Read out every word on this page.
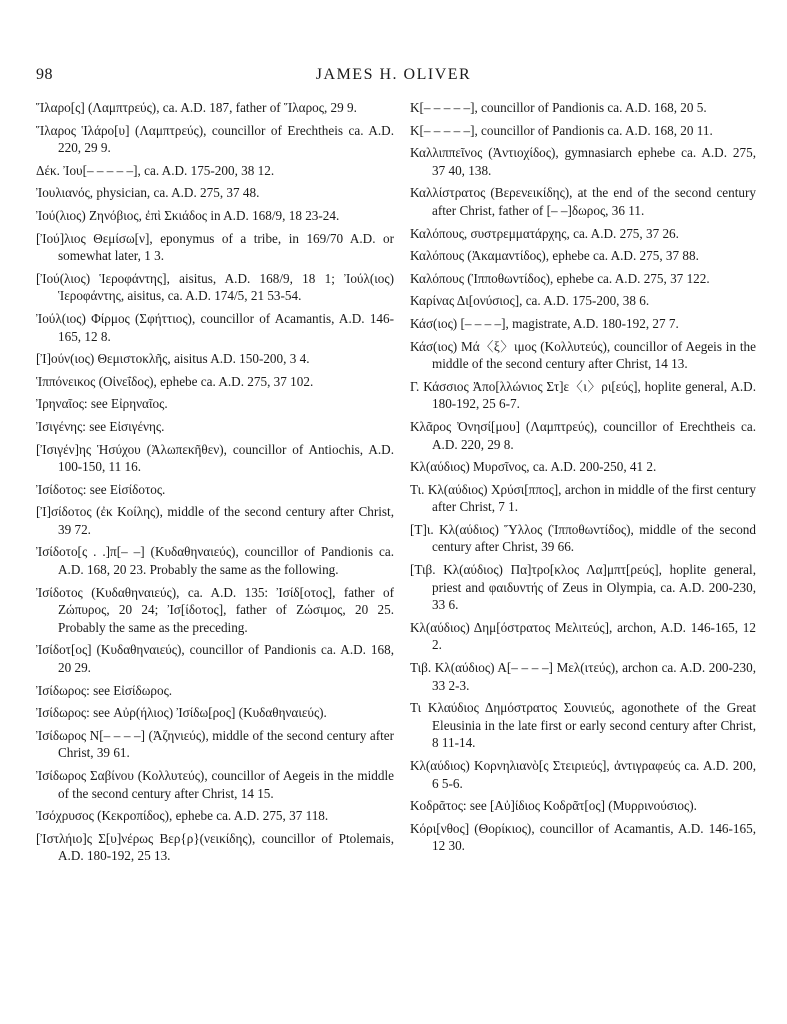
98	JAMES H. OLIVER

Ἵλαρο[ς] (Λαμπτρεύς), ca. A.D. 187, father of Ἵλαρος, 29 9.

Ἵλαρος Ἱλάρο[υ] (Λαμπτρεύς), councillor of Erechtheis ca. A.D. 220, 29 9.

Δέκ. Ἰου[– – – – –], ca. A.D. 175-200, 38 12.

Ἰουλιανός, physician, ca. A.D. 275, 37 48.

Ἰού(λιος) Ζηνόβιος, ἐπὶ Σκιάδος in A.D. 168/9, 18 23-24.

[Ἰού]λιος Θεμίσω[ν], eponymus of a tribe, in 169/70 A.D. or somewhat later, 1 3.

[Ἰού(λιος) Ἱεροφάντης], aisitus, A.D. 168/9, 18 1; Ἰούλ(ιος) Ἱεροφάντης, aisitus, ca. A.D. 174/5, 21 53-54.

Ἰούλ(ιος) Φίρμος (Σφήττιος), councillor of Acamantis, A.D. 146-165, 12 8.

[Ἰ]ούν(ιος) Θεμιστοκλῆς, aisitus A.D. 150-200, 3 4.

Ἱππόνεικος (Οἰνεΐδος), ephebe ca. A.D. 275, 37 102.

Ἰρηναῖος: see Εἰρηναῖος.

Ἰσιγένης: see Εἰσιγένης.

[Ἰσιγέν]ης Ἡσύχου (Ἀλωπεκῆθεν), councillor of Antiochis, A.D. 100-150, 11 16.

Ἰσίδοτος: see Εἰσίδοτος.

[Ἰ]σίδοτος (ἐκ Κοίλης), middle of the second century after Christ, 39 72.

Ἰσίδοτο[ς . .]π[– –] (Κυδαθηναιεύς), councillor of Pandionis ca. A.D. 168, 20 23. Probably the same as the following.

Ἰσίδοτος (Κυδαθηναιεύς), ca. A.D. 135: Ἰσίδ[οτος], father of Ζώπυρος, 20 24; Ἰσ[ίδοτος], father of Ζώσιμος, 20 25. Probably the same as the preceding.

Ἰσίδοτ[ος] (Κυδαθηναιεύς), councillor of Pandionis ca. A.D. 168, 20 29.

Ἰσίδωρος: see Εἰσίδωρος.

Ἰσίδωρος: see Αὐρ(ήλιος) Ἰσίδω[ρος] (Κυδαθηναιεύς).

Ἰσίδωρος Ν[– – – –] (Ἀζηνιεύς), middle of the second century after Christ, 39 61.

Ἰσίδωρος Σαβίνου (Κολλυτεύς), councillor of Aegeis in the middle of the second century after Christ, 14 15.

Ἰσόχρυσος (Κεκροπίδος), ephebe ca. A.D. 275, 37 118.

[Ἰστλήιο]ς Σ[υ]νέρως Βερ{ρ}(νεικίδης), councillor of Ptolemais, A.D. 180-192, 25 13.

Κ[– – – – –], councillor of Pandionis ca. A.D. 168, 20 5.

Κ[– – – – –], councillor of Pandionis ca. A.D. 168, 20 11.

Καλλιππεῖνος (Ἀντιοχίδος), gymnasiarch ephebe ca. A.D. 275, 37 40, 138.

Καλλίστρατος (Βερενεικίδης), at the end of the second century after Christ, father of [– –]δωρος, 36 11.

Καλόπους, συστρεμματάρχης, ca. A.D. 275, 37 26.

Καλόπους (Ἀκαμαντίδος), ephebe ca. A.D. 275, 37 88.

Καλόπους (Ἱπποθωντίδος), ephebe ca. A.D. 275, 37 122.

Καρίνας Δι[ονύσιος], ca. A.D. 175-200, 38 6.

Κάσ(ιος) [– – – –], magistrate, A.D. 180-192, 27 7.

Κάσ(ιος) Μά〈ξ〉ιμος (Κολλυτεύς), councillor of Aegeis in the middle of the second century after Christ, 14 13.

Γ. Κάσσιος Ἀπο[λλώνιος Στ]ε〈ι〉ρι[εύς], hoplite general, A.D. 180-192, 25 6-7.

Κλᾶρος Ὀνησί[μου] (Λαμπτρεύς), councillor of Erechtheis ca. A.D. 220, 29 8.

Κλ(αύδιος) Μυρσῖνος, ca. A.D. 200-250, 41 2.

Τι. Κλ(αύδιος) Χρύσι[ππος], archon in middle of the first century after Christ, 7 1.

[Τ]ι. Κλ(αύδιος) Ὕλλος (Ἱπποθωντίδος), middle of the second century after Christ, 39 66.

[Τιβ. Κλ(αύδιος) Πα]τρο[κλος Λα]μπτ[ρεύς], hoplite general, priest and φαιδυντής of Zeus in Olympia, ca. A.D. 200-230, 33 6.

Κλ(αύδιος) Δημ[όστρατος Μελιτεύς], archon, A.D. 146-165, 12 2.

Τιβ. Κλ(αύδιος) Α[– – – –] Μελ(ιτεύς), archon ca. A.D. 200-230, 33 2-3.

Τι Κλαύδιος Δημόστρατος Σουνιεύς, agonothete of the Great Eleusinia in the late first or early second century after Christ, 8 11-14.

Κλ(αύδιος) Κορνηλιανὸ[ς Στειριεύς], ἀντιγραφεύς ca. A.D. 200, 6 5-6.

Κοδρᾶτος: see [Αὐ]ίδιος Κοδρᾶτ[ος] (Μυρρινούσιος).

Κόρι[νθος] (Θορίκιος), councillor of Acamantis, A.D. 146-165, 12 30.
